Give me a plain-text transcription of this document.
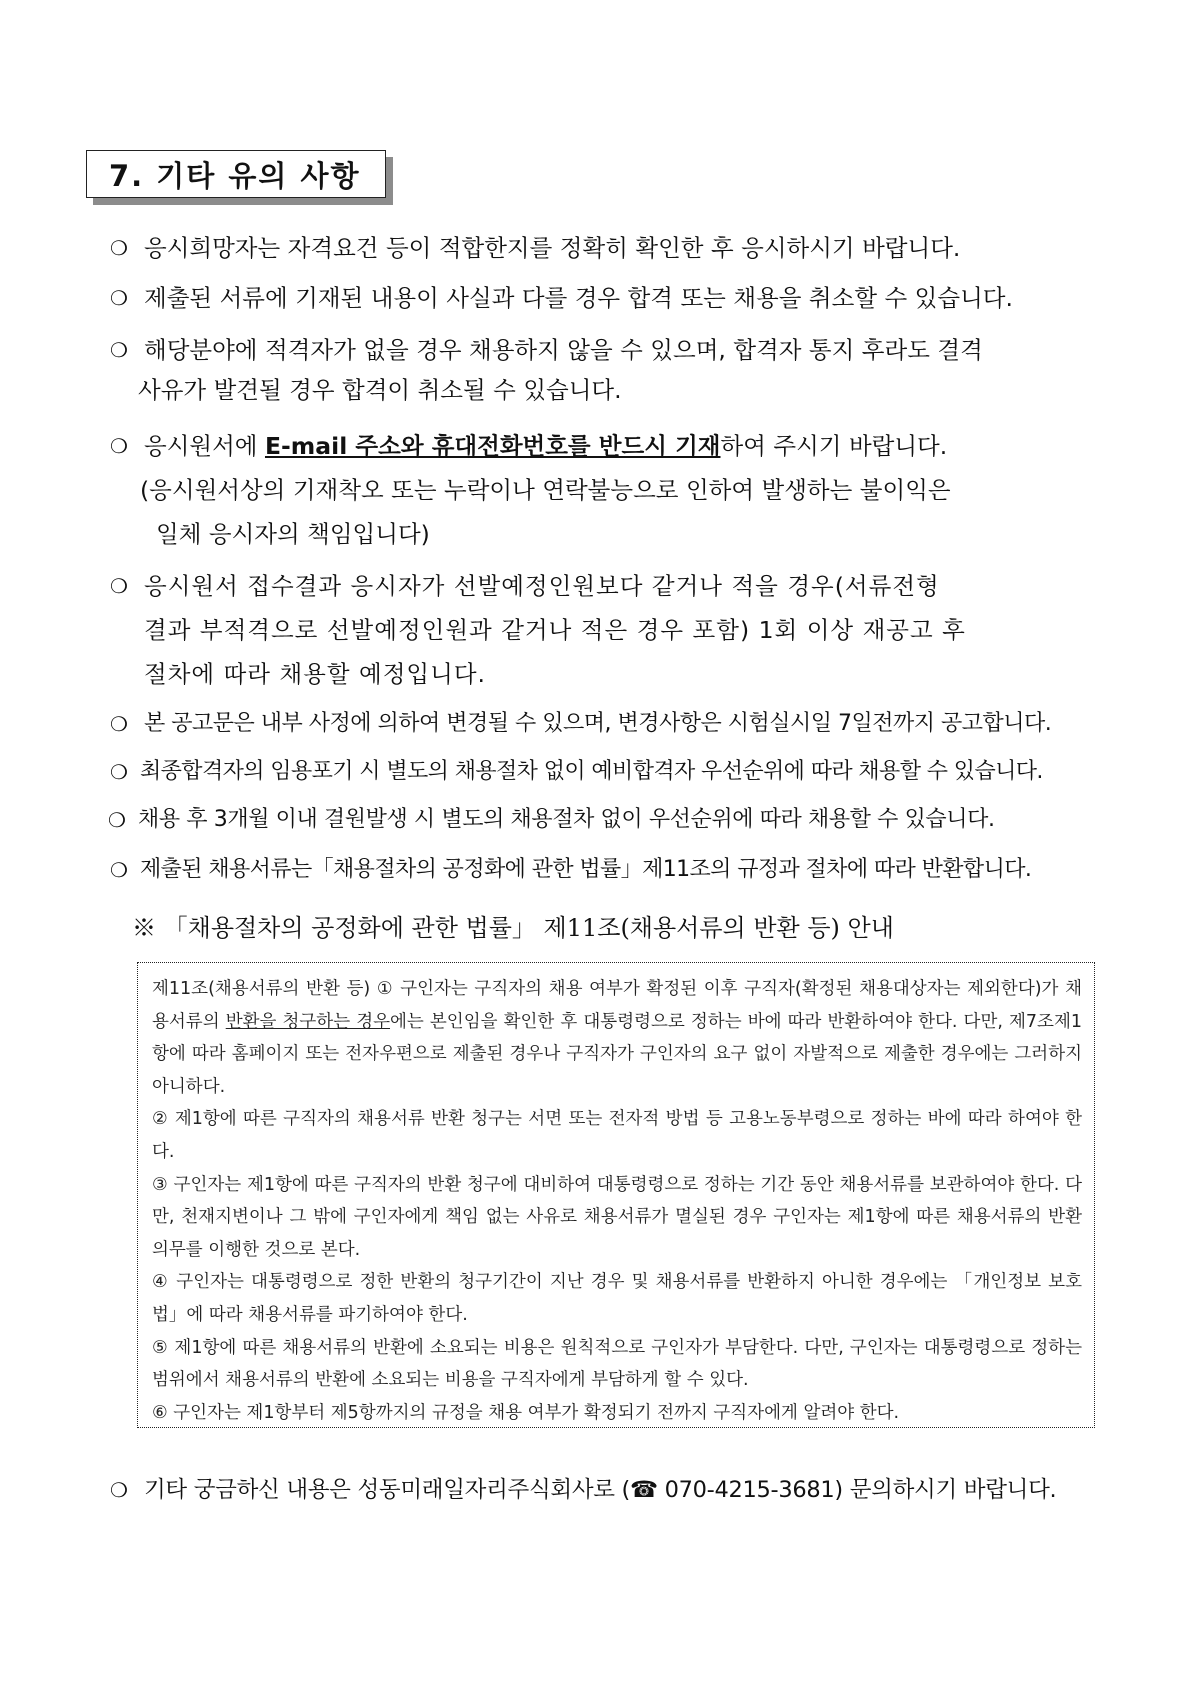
7. 기타 유의 사항
❍ 응시희망자는 자격요건 등이 적합한지를 정확히 확인한 후 응시하시기 바랍니다.
❍ 제출된 서류에 기재된 내용이 사실과 다를 경우 합격 또는 채용을 취소할 수 있습니다.
❍ 해당분야에 적격자가 없을 경우 채용하지 않을 수 있으며, 합격자 통지 후라도 결격
사유가 발견될 경우 합격이 취소될 수 있습니다.
❍ 응시원서에 E-mail 주소와 휴대전화번호를 반드시 기재하여 주시기 바랍니다.
(응시원서상의 기재착오 또는 누락이나 연락불능으로 인하여 발생하는 불이익은
일체 응시자의 책임입니다)
❍ 응시원서 접수결과 응시자가 선발예정인원보다 같거나 적을 경우(서류전형
결과 부적격으로 선발예정인원과 같거나 적은 경우 포함) 1회 이상 재공고 후
절차에 따라 채용할 예정입니다.
❍ 본 공고문은 내부 사정에 의하여 변경될 수 있으며, 변경사항은 시험실시일 7일전까지 공고합니다.
❍ 최종합격자의 임용포기 시 별도의 채용절차 없이 예비합격자 우선순위에 따라 채용할 수 있습니다.
❍ 채용 후 3개월 이내 결원발생 시 별도의 채용절차 없이 우선순위에 따라 채용할 수 있습니다.
❍ 제출된 채용서류는「채용절차의 공정화에 관한 법률」제11조의 규정과 절차에 따라 반환합니다.
※ 「채용절차의 공정화에 관한 법률」 제11조(채용서류의 반환 등) 안내

제11조(채용서류의 반환 등) ① 구인자는 구직자의 채용 여부가 확정된 이후 구직자(확정된 채용대상자는 제외한다)가 채용서류의 반환을 청구하는 경우에는 본인임을 확인한 후 대통령령으로 정하는 바에 따라 반환하여야 한다. 다만, 제7조제1항에 따라 홈페이지 또는 전자우편으로 제출된 경우나 구직자가 구인자의 요구 없이 자발적으로 제출한 경우에는 그러하지 아니하다.

② 제1항에 따른 구직자의 채용서류 반환 청구는 서면 또는 전자적 방법 등 고용노동부령으로 정하는 바에 따라 하여야 한다.

③ 구인자는 제1항에 따른 구직자의 반환 청구에 대비하여 대통령령으로 정하는 기간 동안 채용서류를 보관하여야 한다. 다만, 천재지변이나 그 밖에 구인자에게 책임 없는 사유로 채용서류가 멸실된 경우 구인자는 제1항에 따른 채용서류의 반환 의무를 이행한 것으로 본다.

④ 구인자는 대통령령으로 정한 반환의 청구기간이 지난 경우 및 채용서류를 반환하지 아니한 경우에는 「개인정보 보호법」에 따라 채용서류를 파기하여야 한다.

⑤ 제1항에 따른 채용서류의 반환에 소요되는 비용은 원칙적으로 구인자가 부담한다. 다만, 구인자는 대통령령으로 정하는 범위에서 채용서류의 반환에 소요되는 비용을 구직자에게 부담하게 할 수 있다.

⑥ 구인자는 제1항부터 제5항까지의 규정을 채용 여부가 확정되기 전까지 구직자에게 알려야 한다.

❍ 기타 궁금하신 내용은 성동미래일자리주식회사로 (☎ 070-4215-3681) 문의하시기 바랍니다.
